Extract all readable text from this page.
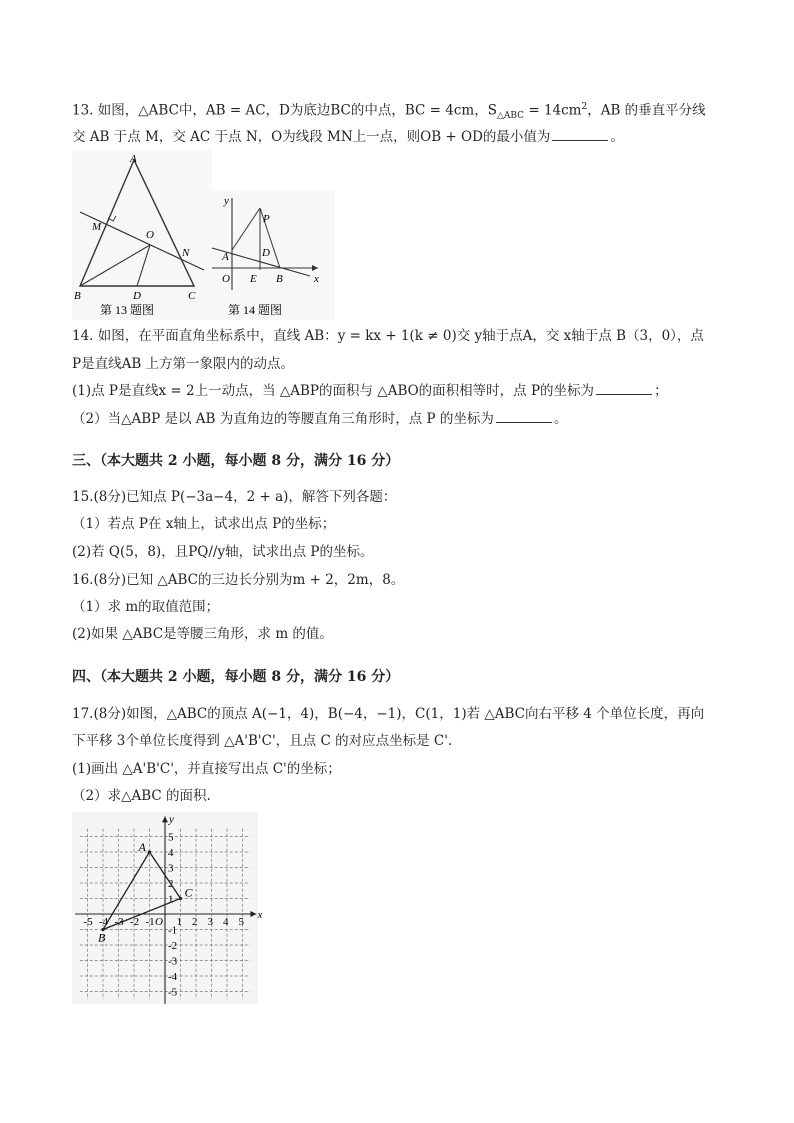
13. 如图，△ABC中，AB = AC，D为底边BC的中点，BC = 4cm，$S_{\triangle ABC} = 14cm^2$，AB 的垂直平分线
交 AB 于点 M，交 AC 于点 N，O为线段 MN上一点，则OB + OD的最小值为	。
A
M
O
N
B	D	C
第 13 题图
y
P
A	D
O E B	x
第 14 题图
14. 如图，在平面直角坐标系中，直线 AB：y = kx + 1(k ≠ 0)交 y轴于点A，交 x轴于点 B（3，0），点
P是直线AB 上方第一象限内的动点。
(1)点 P是直线x = 2上一动点，当 △ABP的面积与 △ABO的面积相等时，点 P的坐标为	；
（2）当△ABP 是以 AB 为直角边的等腰直角三角形时，点 P 的坐标为	。
三、（本大题共 2 小题，每小题 8 分，满分 16 分）
15.(8分)已知点 P(−3a−4，2 + a)，解答下列各题：
（1）若点 P在 x轴上，试求出点 P的坐标；
(2)若 Q(5，8)，且PQ//y轴，试求出点 P的坐标。
16.(8分)已知 △ABC的三边长分别为m + 2，2m，8。
（1）求 m的取值范围；
(2)如果 △ABC是等腰三角形，求 m 的值。
四、（本大题共 2 小题，每小题 8 分，满分 16 分）
17.(8分)如图，△ABC的顶点 A(−1，4)，B(−4，−1)，C(1，1)若 △ABC向右平移 4 个单位长度，再向
下平移 3个单位长度得到 △A'B'C'，且点 C 的对应点坐标是 C'.
(1)画出 △A'B'C'，并直接写出点 C'的坐标；
（2）求△ABC 的面积.
-5 -4 -3 -2 -1 1 2 3 4 5
5
4
3
2
1
-1
-2
-3
-4
-5
O
x
y
A
B
C
